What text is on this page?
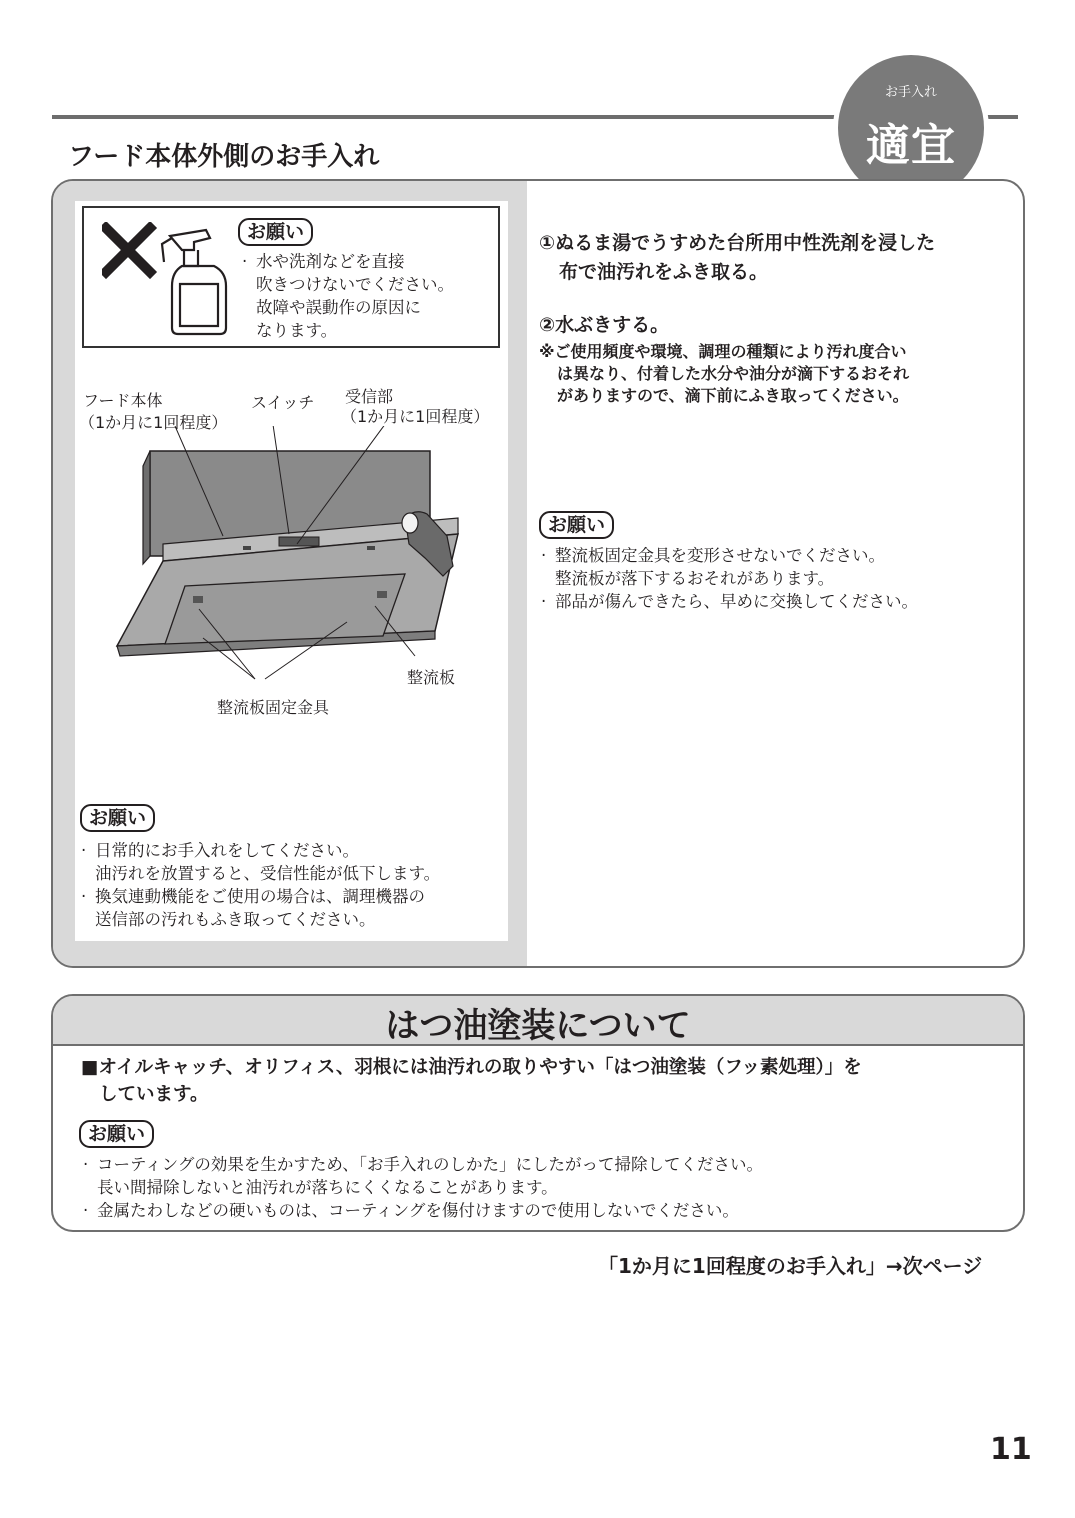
お手入れ
適宜
フード本体外側のお手入れ
お願い
· 水や洗剤などを直接
吹きつけないでください。
故障や誤動作の原因に
なります。
フード本体
（1か月に1回程度）
スイッチ 受信部
（1か月に1回程度）
整流板
整流板固定金具
お願い
· 日常的にお手入れをしてください。
油汚れを放置すると、受信性能が低下します。
· 換気連動機能をご使用の場合は、調理機器の
送信部の汚れもふき取ってください。
①ぬるま湯でうすめた台所用中性洗剤を浸した
布で油汚れをふき取る。
②水ぶきする。
※ご使用頻度や環境、調理の種類により汚れ度合い
は異なり、付着した水分や油分が滴下するおそれ
がありますので、滴下前にふき取ってください。
お願い
· 整流板固定金具を変形させないでください。
整流板が落下するおそれがあります。
· 部品が傷んできたら、早めに交換してください。
はつ油塗装について
■オイルキャッチ、オリフィス、羽根には油汚れの取りやすい「はつ油塗装（フッ素処理）」を
しています。
お願い
· コーティングの効果を生かすため、「お手入れのしかた」にしたがって掃除してください。
長い間掃除しないと油汚れが落ちにくくなることがあります。
· 金属たわしなどの硬いものは、コーティングを傷付けますので使用しないでください。
「1か月に1回程度のお手入れ」→次ページ
11
